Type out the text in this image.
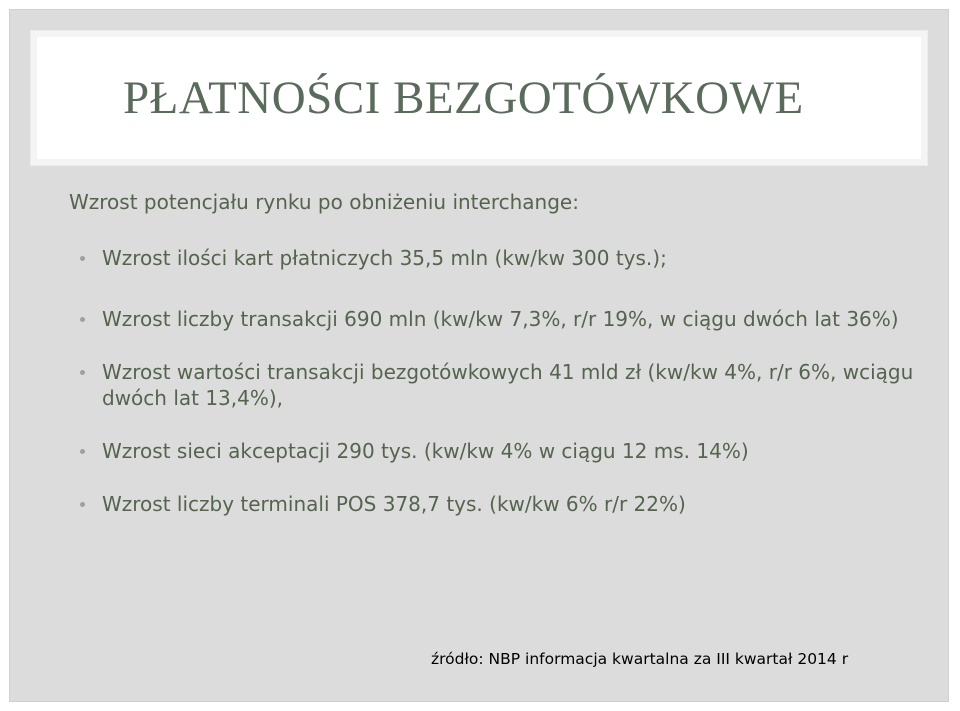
PŁATNOŚCI BEZGOTÓWKOWE

Wzrost potencjału rynku po obniżeniu interchange:

Wzrost ilości kart płatniczych 35,5 mln (kw/kw 300 tys.);
Wzrost liczby transakcji 690 mln (kw/kw 7,3%, r/r 19%, w ciągu dwóch lat 36%)
Wzrost wartości transakcji bezgotówkowych 41 mld zł (kw/kw 4%, r/r 6%, wciągu dwóch lat 13,4%),
Wzrost sieci akceptacji 290 tys. (kw/kw 4% w ciągu 12 ms. 14%)
Wzrost liczby terminali POS 378,7 tys. (kw/kw 6% r/r 22%)

źródło: NBP informacja kwartalna za III kwartał 2014 r
